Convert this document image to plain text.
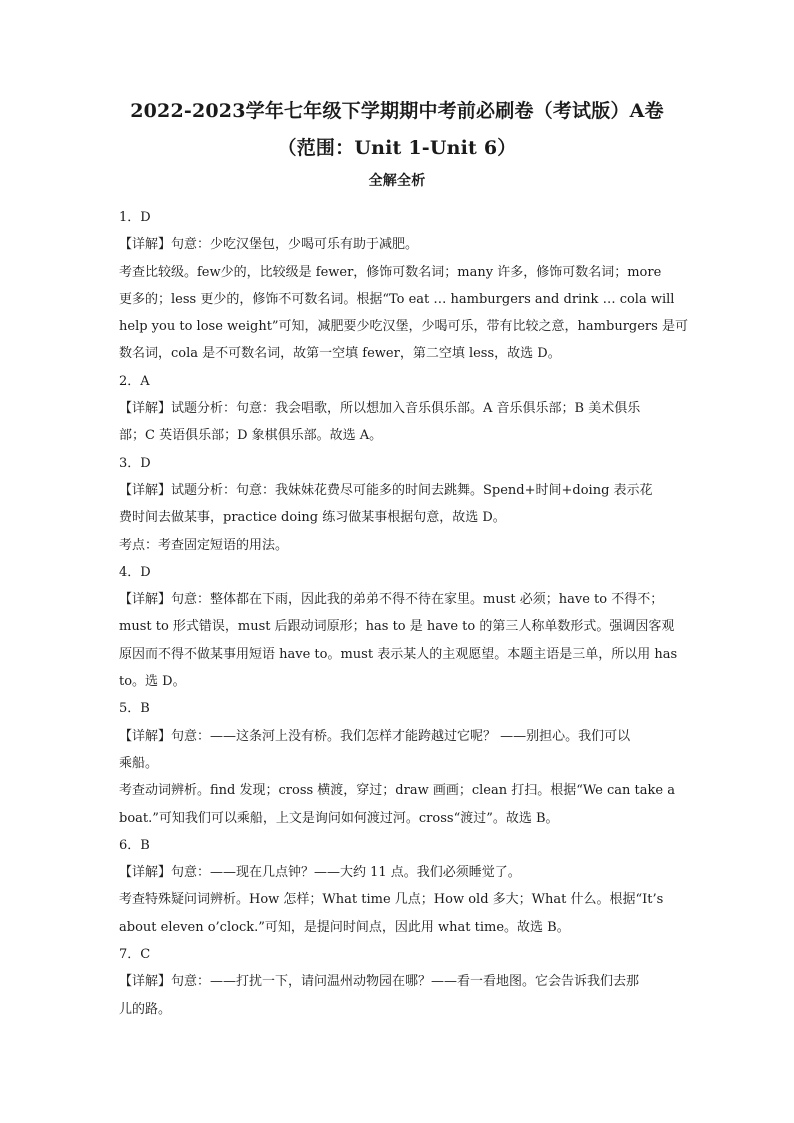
2022-2023学年七年级下学期期中考前必刷卷（考试版）A卷
（范围：Unit 1-Unit 6）
全解全析
1．D
【详解】句意：少吃汉堡包，少喝可乐有助于减肥。
考查比较级。few少的，比较级是 fewer，修饰可数名词；many 许多，修饰可数名词；more
更多的；less 更少的，修饰不可数名词。根据“To eat … hamburgers and drink … cola will
help you to lose weight”可知，减肥要少吃汉堡，少喝可乐，带有比较之意，hamburgers 是可
数名词，cola 是不可数名词，故第一空填 fewer，第二空填 less，故选 D。
2．A
【详解】试题分析：句意：我会唱歌，所以想加入音乐俱乐部。A 音乐俱乐部；B 美术俱乐
部；C 英语俱乐部；D 象棋俱乐部。故选 A。
3．D
【详解】试题分析：句意：我妹妹花费尽可能多的时间去跳舞。Spend+时间+doing 表示花
费时间去做某事，practice doing 练习做某事根据句意，故选 D。
考点：考查固定短语的用法。
4．D
【详解】句意：整体都在下雨，因此我的弟弟不得不待在家里。must 必须；have to 不得不；
must to 形式错误，must 后跟动词原形；has to 是 have to 的第三人称单数形式。强调因客观
原因而不得不做某事用短语 have to。must 表示某人的主观愿望。本题主语是三单，所以用 has
to。选 D。
5．B
【详解】句意：——这条河上没有桥。我们怎样才能跨越过它呢？ ——别担心。我们可以
乘船。
考查动词辨析。find 发现；cross 横渡，穿过；draw 画画；clean 打扫。根据“We can take a
boat.”可知我们可以乘船，上文是询问如何渡过河。cross“渡过”。故选 B。
6．B
【详解】句意：——现在几点钟？——大约 11 点。我们必须睡觉了。
考查特殊疑问词辨析。How 怎样；What time 几点；How old 多大；What 什么。根据“It’s
about eleven o’clock.”可知，是提问时间点，因此用 what time。故选 B。
7．C
【详解】句意：——打扰一下，请问温州动物园在哪？——看一看地图。它会告诉我们去那
儿的路。
